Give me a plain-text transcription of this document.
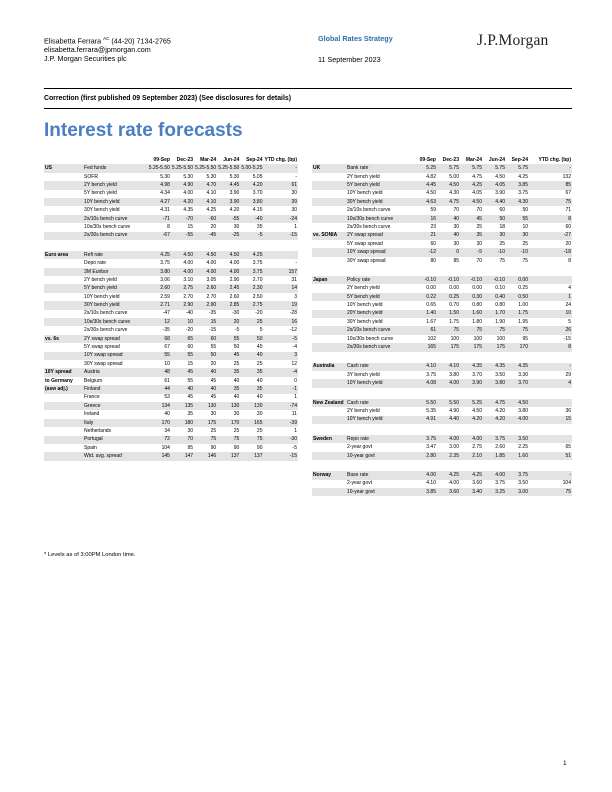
Elisabetta Ferrara $^{AC}$ (44-20) 7134-2765
elisabetta.ferrara@jpmorgan.com
J.P. Morgan Securities plc
Global Rates Strategy
11 September 2023
J.P.Morgan
Correction (first published 09 September 2023) (See disclosures for details)
Interest rate forecasts
		09-Sep	Dec-23	Mar-24	Jun-24	Sep-24	YTD chg. (bp)
US	Fed funds	5.25-5.50	5.25-5.50	5.25-5.50	5.25-5.50	5.00-5.25	-
	SOFR	5.30	5.30	5.30	5.30	5.05	-
	2Y bench yield	4.98	4.90	4.70	4.45	4.20	61
	5Y bench yield	4.34	4.00	4.10	3.90	3.70	30
	10Y bench yield	4.27	4.20	4.10	3.90	3.80	39
	30Y bench yield	4.31	4.35	4.25	4.20	4.15	30
	2s/10s bench curve	-71	-70	-60	-55	-40	-24
	10s/30s bench curve	8	15	20	30	35	1
	2s/30s bench curve	-67	-55	-45	-25	-5	-15

Euro area	Refi rate	4.25	4.50	4.50	4.50	4.25	
	Depo rate	3.75	4.00	4.00	4.00	3.75	-
	3M Euribor	3.80	4.00	4.00	4.00	3.75	157
	2Y bench yield	3.06	3.10	3.05	2.90	2.70	31
	5Y bench yield	2.60	2.75	2.60	2.45	2.30	14
	10Y bench yield	2.59	2.70	2.70	2.60	2.50	3
	30Y bench yield	2.71	2.90	2.90	2.85	2.75	19
	2s/10s bench curve	-47	-40	-35	-30	-20	-28
	10s/30s bench curve	12	10	15	20	25	16
	2s/30s bench curve	-35	-20	-15	-5	5	-12
vs. 6s	2Y swap spread	68	65	60	55	50	-5
	5Y swap spread	67	60	55	50	45	-4
	10Y swap spread	55	55	50	45	40	3
	30Y swap spread	10	15	20	25	25	12
10Y spread	Austria	48	45	40	35	35	-4
to Germany	Belgium	61	55	45	40	40	0
(asw adj.)	Finland	44	40	40	35	35	-1
	France	53	45	45	40	40	1
	Greece	134	135	130	130	130	-74
	Ireland	40	35	30	30	30	11
	Italy	170	180	175	170	165	-39
	Netherlands	34	30	25	25	25	1
	Portugal	72	70	75	75	75	-30
	Spain	104	95	90	90	90	-5
	Wtd. avg. spread	145	147	146	137	137	-15
		09-Sep	Dec-23	Mar-24	Jun-24	Sep-24	YTD chg. (bp)
UK	Bank rate	5.25	5.75	5.75	5.75	5.75	-
	2Y bench yield	4.82	5.00	4.75	4.50	4.25	132
	5Y bench yield	4.45	4.50	4.25	4.05	3.85	85
	10Y bench yield	4.50	4.30	4.05	3.90	3.75	67
	30Y bench yield	4.63	4.75	4.50	4.40	4.30	75
	2s/10s bench curve	59	70	70	60	50	71
	10s/30s bench curve	16	40	45	50	55	8
	2s/30s bench curve	23	30	25	18	10	60
vs. SONIA	2Y swap spread	21	40	35	30	30	-27
	5Y swap spread	60	30	30	25	25	20
	10Y swap spread	-12	0	-5	-10	-10	-18
	30Y swap spread	80	85	70	75	75	8

Japan	Policy rate	-0.10	-0.10	-0.10	-0.10	0.00	
	2Y bench yield	0.00	0.00	0.00	0.10	0.25	4
	5Y bench yield	0.22	0.25	0.30	0.40	0.50	1
	10Y bench yield	0.65	0.70	0.80	0.80	1.00	24
	20Y bench yield	1.40	1.50	1.60	1.70	1.75	10
	30Y bench yield	1.67	1.75	1.80	1.90	1.95	5
	2s/10s bench curve	61	75	75	75	75	26
	10s/30s bench curve	102	100	100	100	95	-15
	2s/30s bench curve	165	175	175	175	170	8

Australia	Cash rate	4.10	4.10	4.35	4.35	4.35	-
	3Y bench yield	3.75	3.80	3.70	3.50	3.30	29
	10Y bench yield	4.08	4.00	3.90	3.80	3.70	4

New Zealand	Cash rate	5.50	5.50	5.25	4.75	4.50	
	2Y bench yield	5.35	4.90	4.50	4.20	3.80	36
	10Y bench yield	4.91	4.40	4.20	4.20	4.00	15

Sweden	Repo rate	3.75	4.00	4.00	3.75	3.50	
	2-year govt	3.47	3.00	2.75	2.60	2.25	65
	10-year govt	2.80	2.35	2.10	1.85	1.60	51

Norway	Base rate	4.00	4.25	4.25	4.00	3.75	-
	2-year govt	4.10	4.00	3.60	3.75	3.50	104
	10-year govt	3.85	3.60	3.40	3.25	3.00	75
* Levels as of 3:00PM London time.
1
